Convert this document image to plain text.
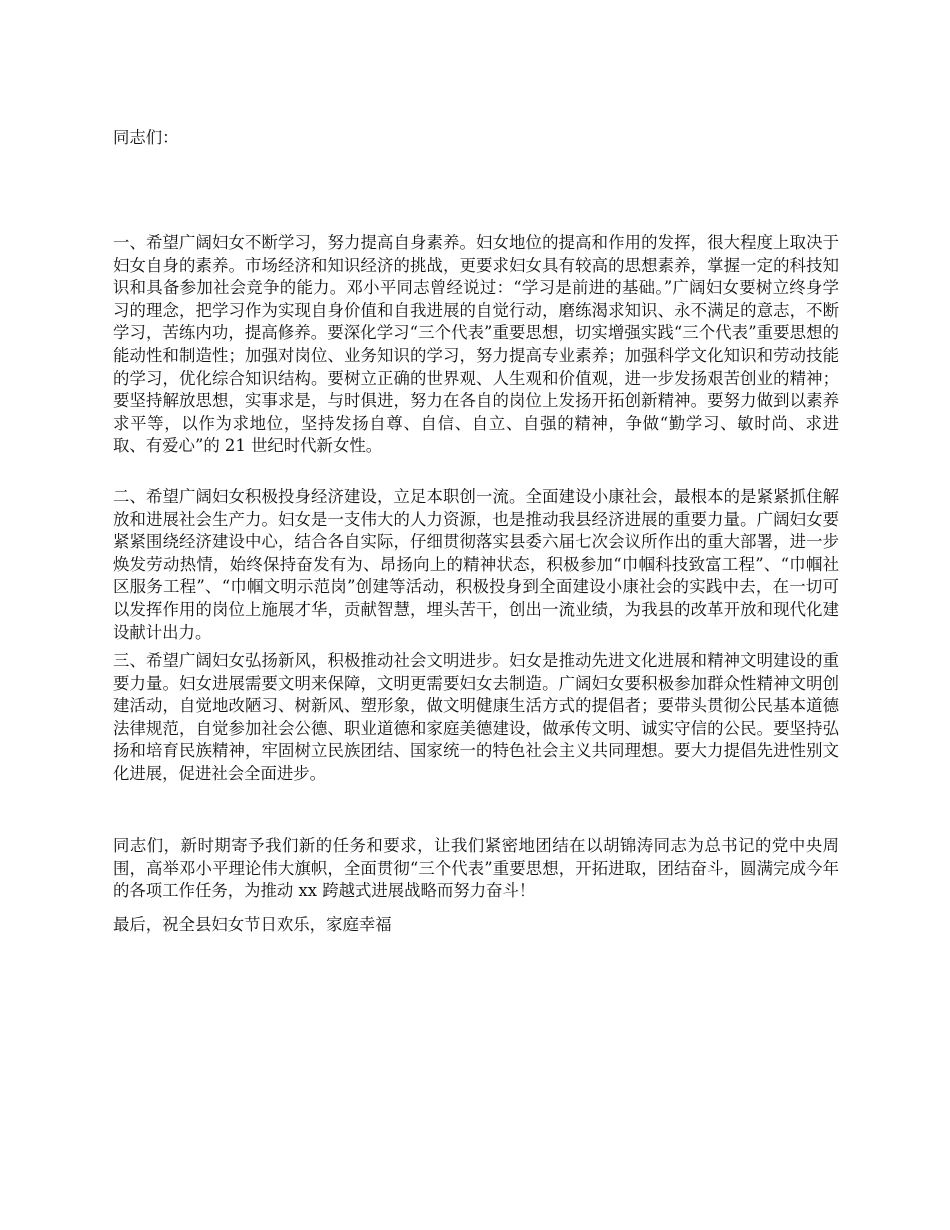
同志们：

一、希望广阔妇女不断学习，努力提高自身素养。妇女地位的提高和作用的发挥，很大程度上取决于妇女自身的素养。市场经济和知识经济的挑战，更要求妇女具有较高的思想素养，掌握一定的科技知识和具备参加社会竞争的能力。邓小平同志曾经说过：“学习是前进的基础。”广阔妇女要树立终身学习的理念，把学习作为实现自身价值和自我进展的自觉行动，磨练渴求知识、永不满足的意志，不断学习，苦练内功，提高修养。要深化学习“三个代表”重要思想，切实增强实践“三个代表”重要思想的能动性和制造性；加强对岗位、业务知识的学习，努力提高专业素养；加强科学文化知识和劳动技能的学习，优化综合知识结构。要树立正确的世界观、人生观和价值观，进一步发扬艰苦创业的精神；要坚持解放思想，实事求是，与时俱进，努力在各自的岗位上发扬开拓创新精神。要努力做到以素养求平等，以作为求地位，坚持发扬自尊、自信、自立、自强的精神，争做“勤学习、敏时尚、求进取、有爱心”的 21 世纪时代新女性。

二、希望广阔妇女积极投身经济建设，立足本职创一流。全面建设小康社会，最根本的是紧紧抓住解放和进展社会生产力。妇女是一支伟大的人力资源，也是推动我县经济进展的重要力量。广阔妇女要紧紧围绕经济建设中心，结合各自实际，仔细贯彻落实县委六届七次会议所作出的重大部署，进一步焕发劳动热情，始终保持奋发有为、昂扬向上的精神状态，积极参加“巾帼科技致富工程”、“巾帼社区服务工程”、“巾帼文明示范岗”创建等活动，积极投身到全面建设小康社会的实践中去，在一切可以发挥作用的岗位上施展才华，贡献智慧，埋头苦干，创出一流业绩，为我县的改革开放和现代化建设献计出力。

三、希望广阔妇女弘扬新风，积极推动社会文明进步。妇女是推动先进文化进展和精神文明建设的重要力量。妇女进展需要文明来保障，文明更需要妇女去制造。广阔妇女要积极参加群众性精神文明创建活动，自觉地改陋习、树新风、塑形象，做文明健康生活方式的提倡者；要带头贯彻公民基本道德法律规范，自觉参加社会公德、职业道德和家庭美德建设，做承传文明、诚实守信的公民。要坚持弘扬和培育民族精神，牢固树立民族团结、国家统一的特色社会主义共同理想。要大力提倡先进性别文化进展，促进社会全面进步。

同志们，新时期寄予我们新的任务和要求，让我们紧密地团结在以胡锦涛同志为总书记的党中央周围，高举邓小平理论伟大旗帜，全面贯彻“三个代表”重要思想，开拓进取，团结奋斗，圆满完成今年的各项工作任务，为推动 xx 跨越式进展战略而努力奋斗！

最后，祝全县妇女节日欢乐，家庭幸福
